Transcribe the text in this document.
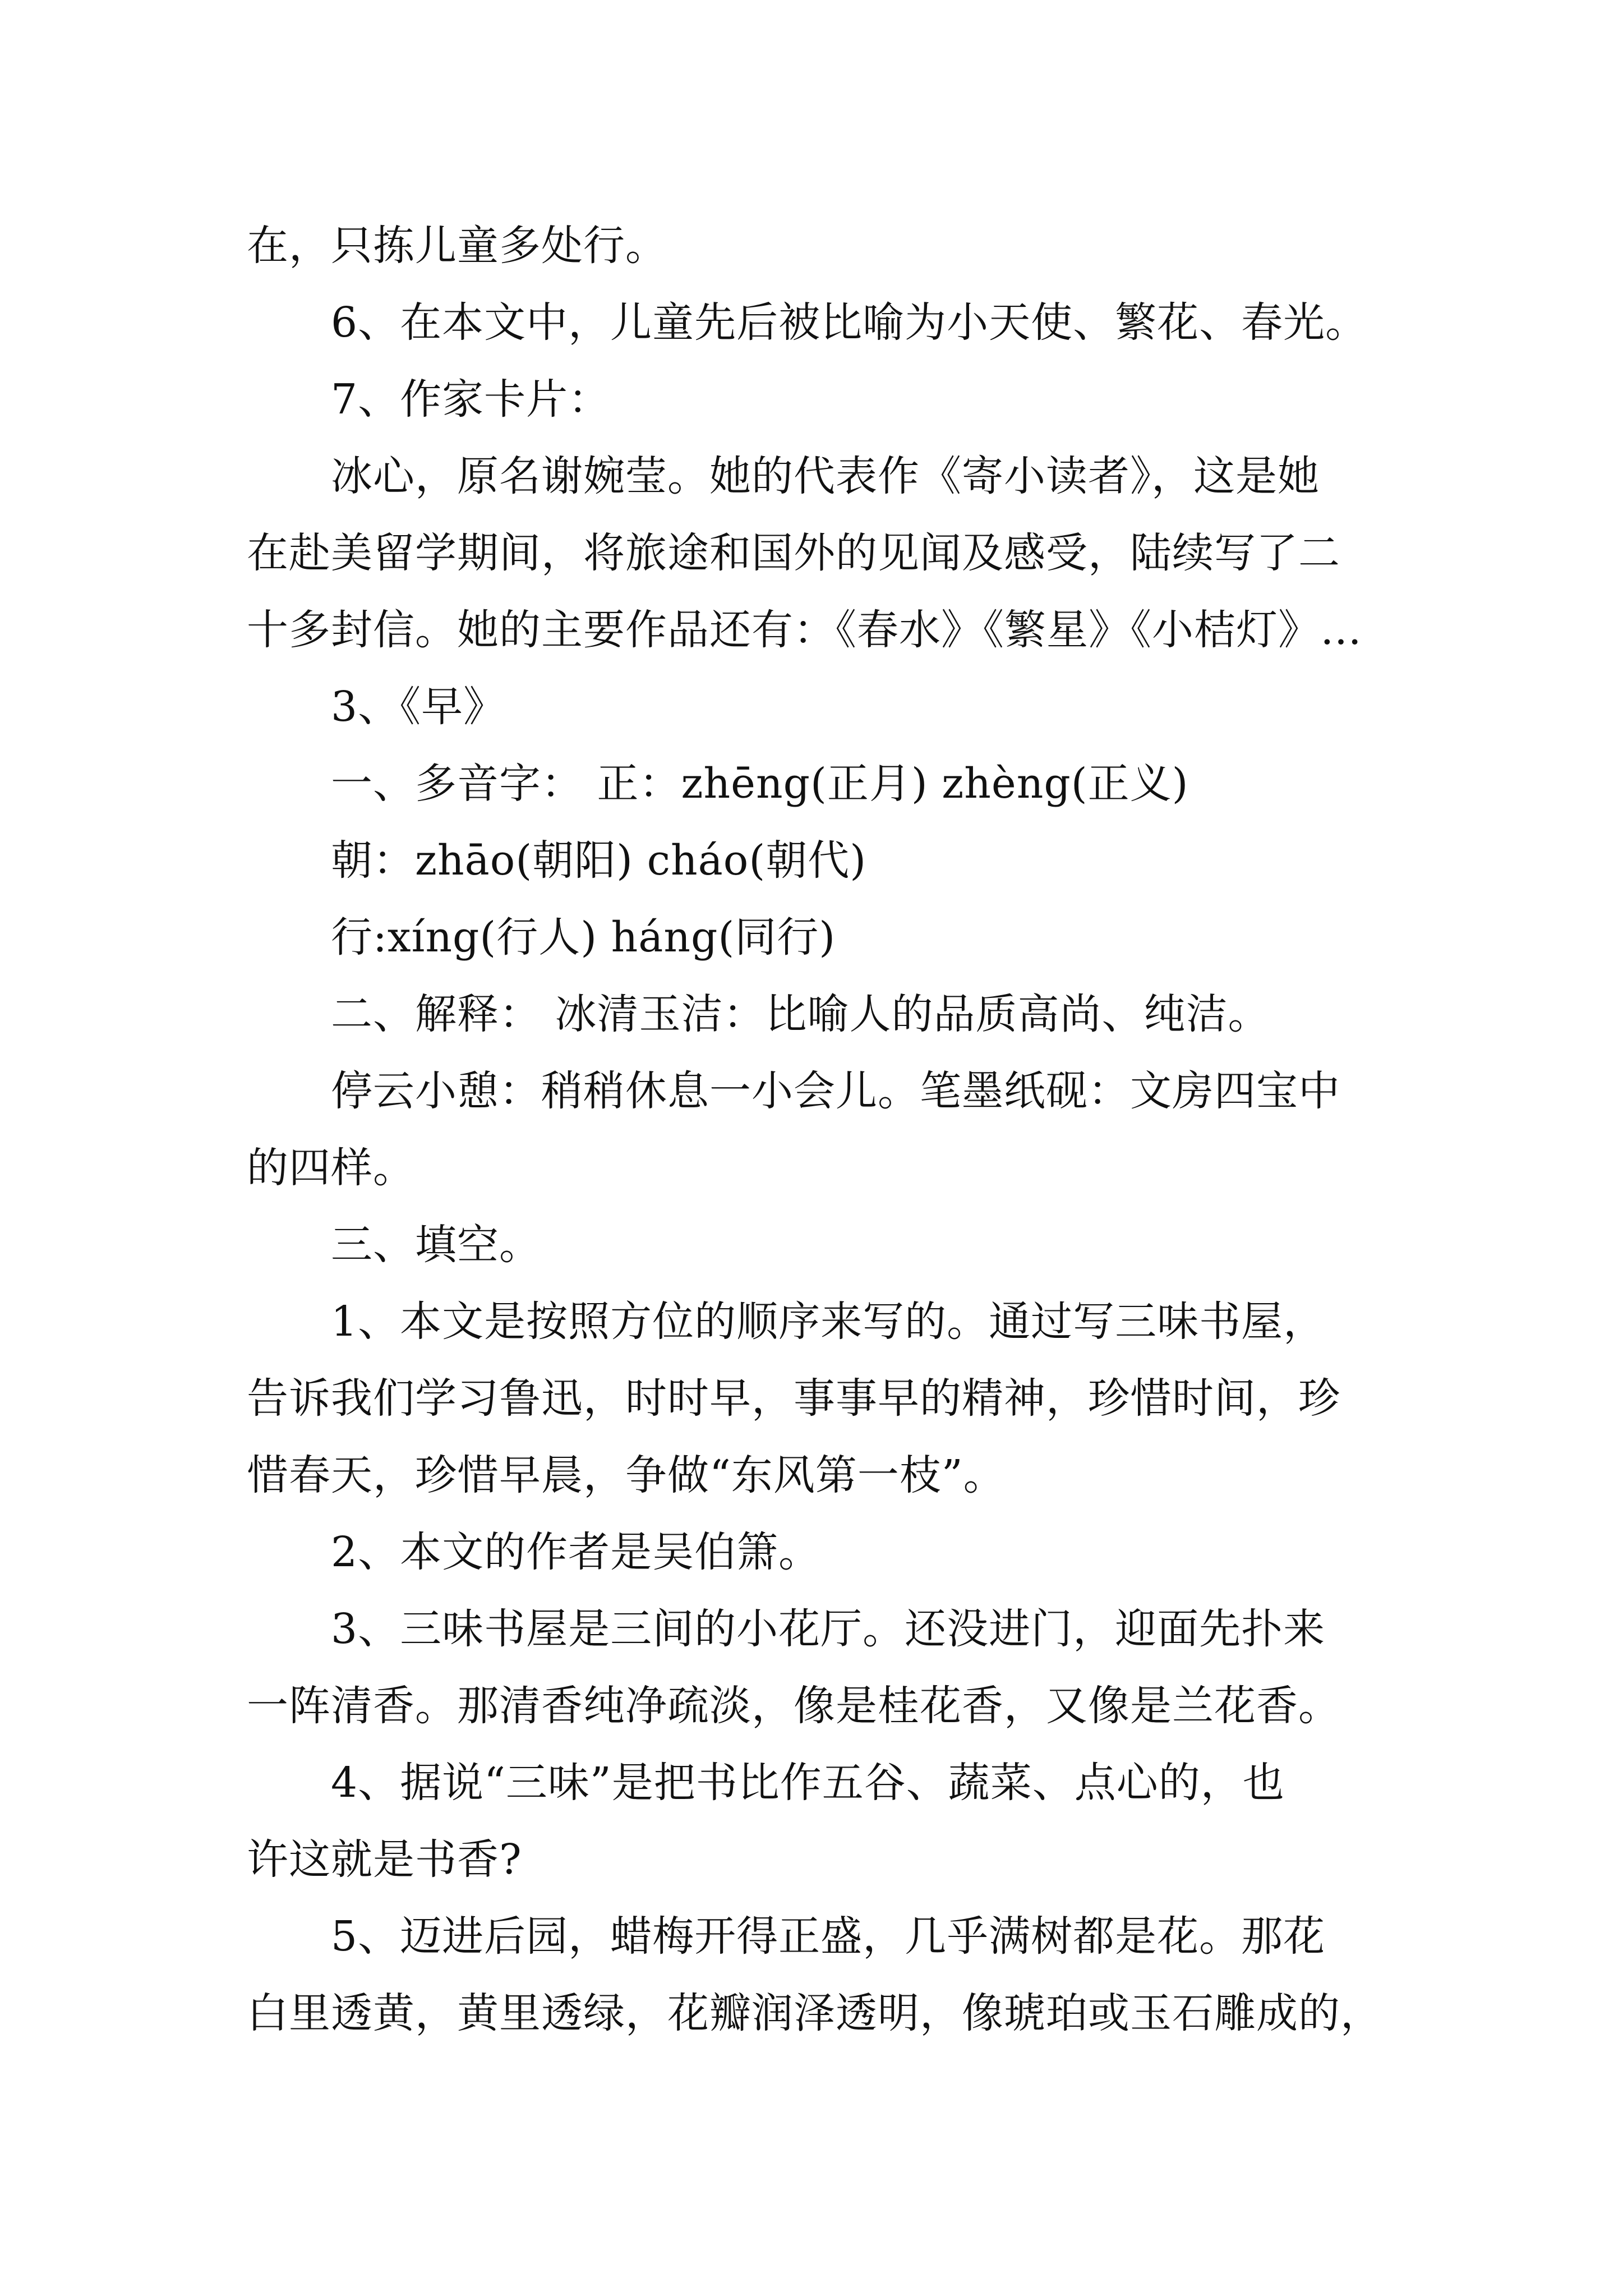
在，只拣儿童多处行。
6、在本文中，儿童先后被比喻为小天使、繁花、春光。
7、作家卡片：
冰心，原名谢婉莹。她的代表作《寄小读者》，这是她
在赴美留学期间，将旅途和国外的见闻及感受，陆续写了二
十多封信。她的主要作品还有：《春水》《繁星》《小桔灯》…
3、《早》
一、多音字： 正：zhēng(正月) zhèng(正义)
朝：zhāo(朝阳) cháo(朝代)
行:xíng(行人) háng(同行)
二、解释： 冰清玉洁：比喻人的品质高尚、纯洁。
停云小憩：稍稍休息一小会儿。笔墨纸砚：文房四宝中
的四样。
三、填空。
1、本文是按照方位的顺序来写的。通过写三味书屋，
告诉我们学习鲁迅，时时早，事事早的精神，珍惜时间，珍
惜春天，珍惜早晨，争做“东风第一枝”。
2、本文的作者是吴伯箫。
3、三味书屋是三间的小花厅。还没进门，迎面先扑来
一阵清香。那清香纯净疏淡，像是桂花香，又像是兰花香。
4、据说“三味”是把书比作五谷、蔬菜、点心的，也
许这就是书香?
5、迈进后园，蜡梅开得正盛，几乎满树都是花。那花
白里透黄，黄里透绿，花瓣润泽透明，像琥珀或玉石雕成的，
